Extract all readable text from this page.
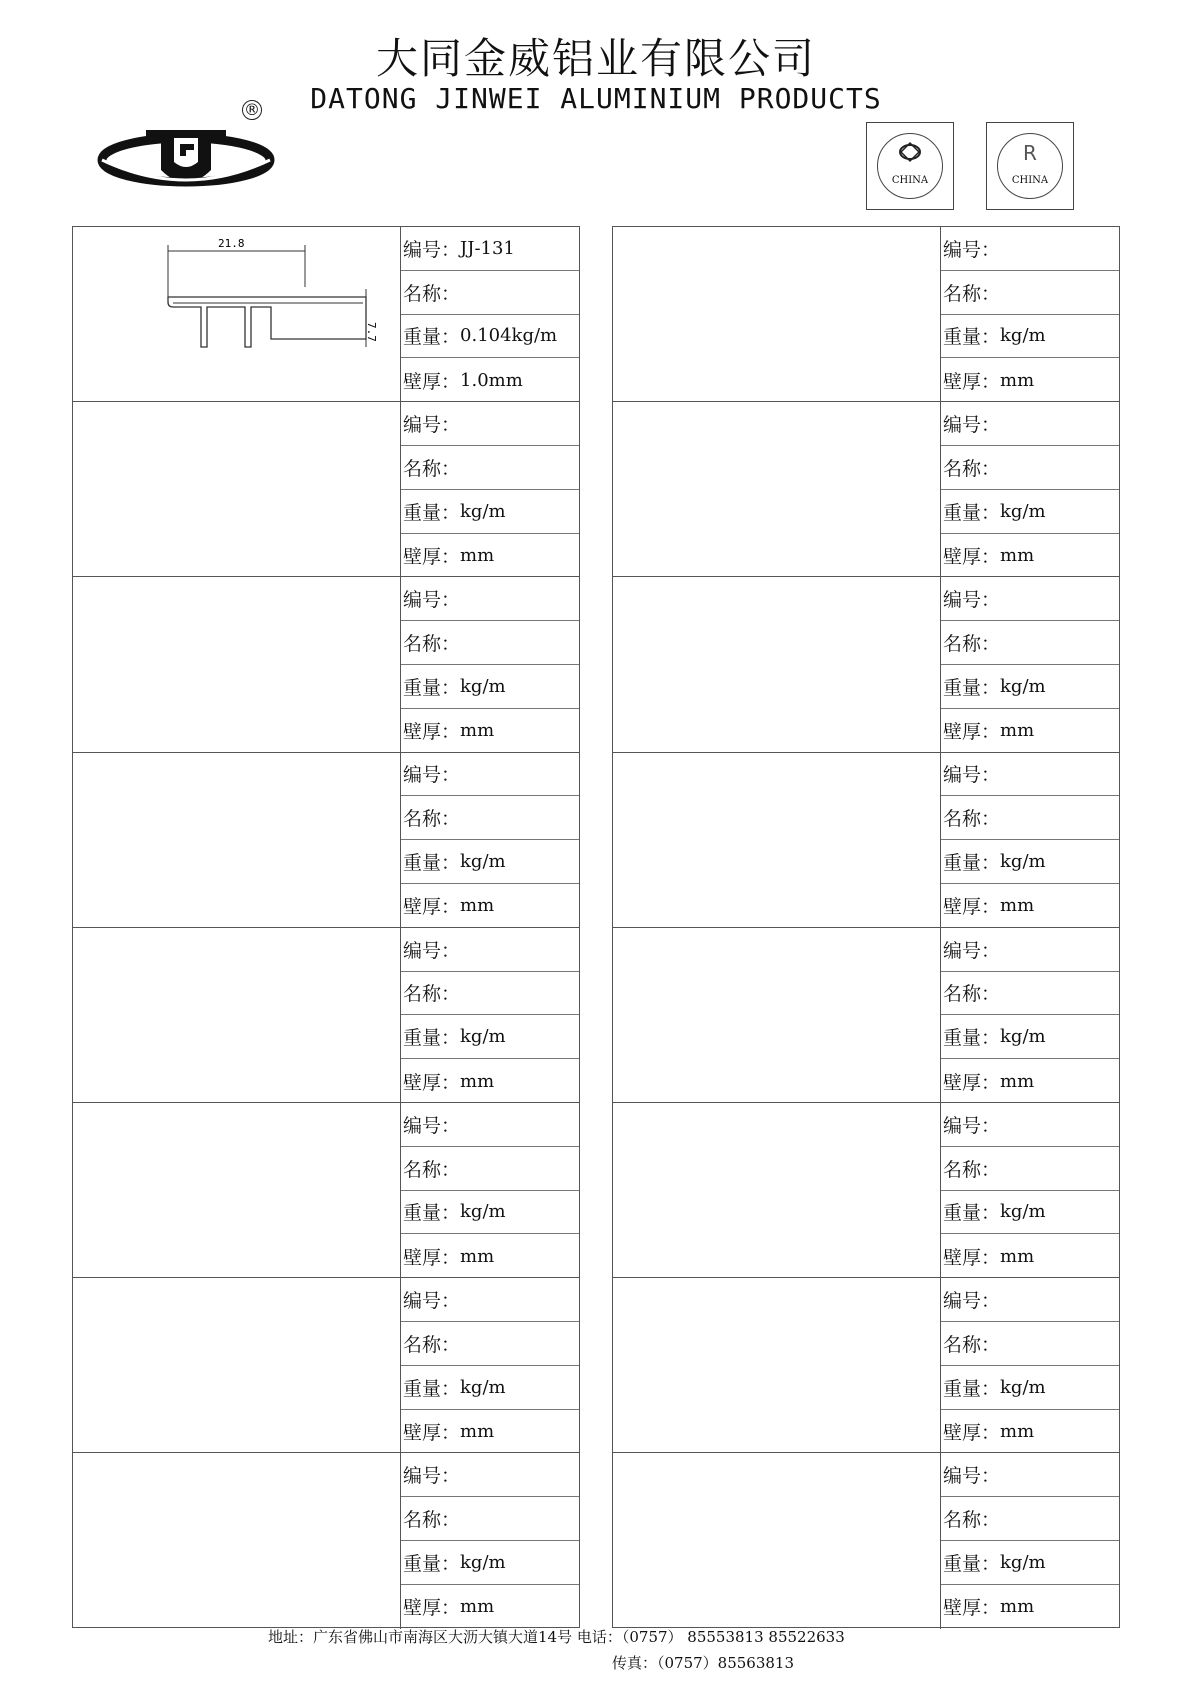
大同金威铝业有限公司
DATONG JINWEI ALUMINIUM PRODUCTS
®
CHINA
R
CHINA
21.8
7.7
编号： JJ-131
名称：
重量： 0.104kg/m
壁厚： 1.0mm
编号：
名称：
重量： kg/m
壁厚： mm
编号：
名称：
重量： kg/m
壁厚： mm
编号：
名称：
重量： kg/m
壁厚： mm
编号：
名称：
重量： kg/m
壁厚： mm
编号：
名称：
重量： kg/m
壁厚： mm
编号：
名称：
重量： kg/m
壁厚： mm
编号：
名称：
重量： kg/m
壁厚： mm
编号：
名称：
重量： kg/m
壁厚： mm
编号：
名称：
重量： kg/m
壁厚： mm
编号：
名称：
重量： kg/m
壁厚： mm
编号：
名称：
重量： kg/m
壁厚： mm
编号：
名称：
重量： kg/m
壁厚： mm
编号：
名称：
重量： kg/m
壁厚： mm
编号：
名称：
重量： kg/m
壁厚： mm
编号：
名称：
重量： kg/m
壁厚： mm
地址：广东省佛山市南海区大沥大镇大道14号 电话：（0757） 85553813 85522633
传真：（0757）85563813
